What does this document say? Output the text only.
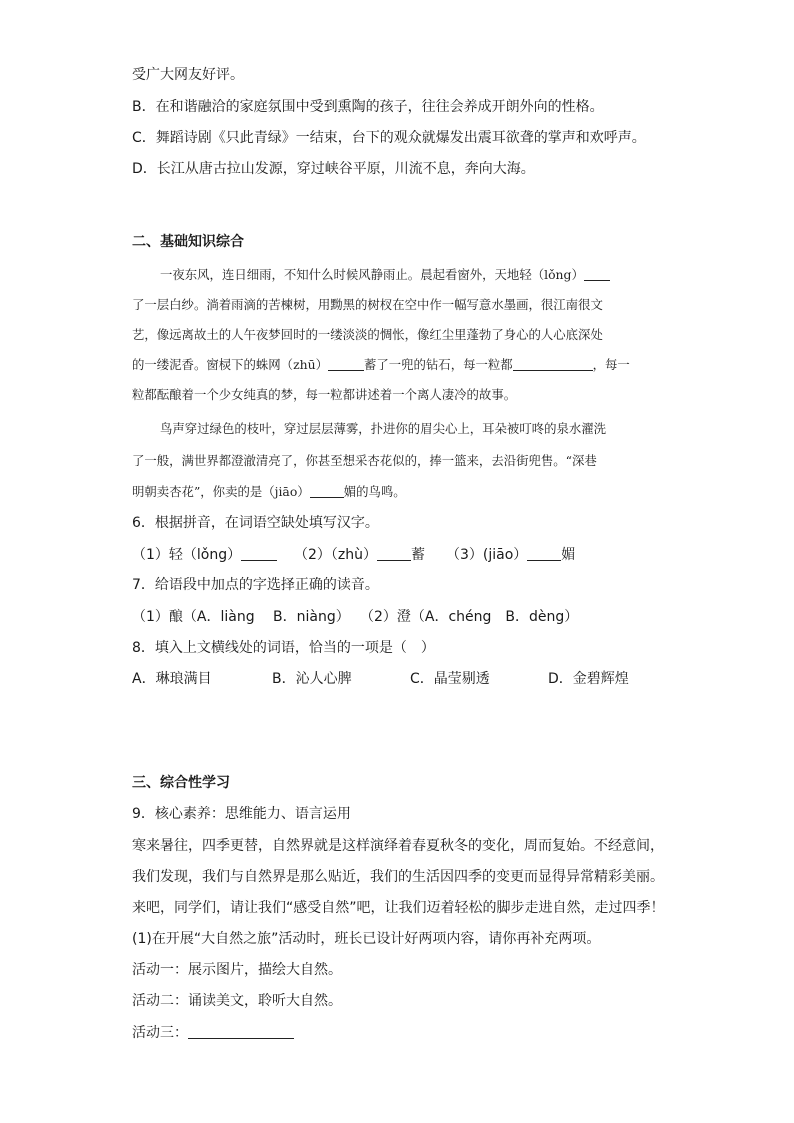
受广大网友好评。

B．在和谐融洽的家庭氛围中受到熏陶的孩子，往往会养成开朗外向的性格。

C．舞蹈诗剧《只此青绿》一结束，台下的观众就爆发出震耳欲聋的掌声和欢呼声。

D．长江从唐古拉山发源，穿过峡谷平原，川流不息，奔向大海。

二、基础知识综合

一夜东风，连日细雨，不知什么时候风静雨止。晨起看窗外，天地轻（lǒng）

了一层白纱。淌着雨滴的苦楝树，用黝黑的树杈在空中作一幅写意水墨画，很江南很文

艺，像远离故土的人午夜梦回时的一缕淡淡的惆怅，像红尘里蓬勃了身心的人心底深处

的一缕泥香。窗棂下的蛛网（zhū）	蓄了一兜的钻石，每一粒都	，每一

粒都酝酿着一个少女纯真的梦，每一粒都讲述着一个离人凄冷的故事。

鸟声穿过绿色的枝叶，穿过层层薄雾，扑进你的眉尖心上，耳朵被叮咚的泉水濯洗

了一般，满世界都澄澈清亮了，你甚至想采杏花似的，捧一篮来，去沿街兜售。“深巷

明朝卖杏花”，你卖的是（jiāo）	媚的鸟鸣。

6．根据拼音，在词语空缺处填写汉字。

（1）轻（lǒng）	（2）（zhù） 蓄 （3）(jiāo） 媚

7．给语段中加点的字选择正确的读音。

（1）酿（A．liàng　 B．niàng） （2）澄（A．chéng　B．dèng）

8．填入上文横线处的词语，恰当的一项是（　）

A．琳琅满目	B．沁人心脾	C．晶莹剔透	D．金碧辉煌

三、综合性学习

9．核心素养：思维能力、语言运用

寒来暑往，四季更替，自然界就是这样演绎着春夏秋冬的变化，周而复始。不经意间，

我们发现，我们与自然界是那么贴近，我们的生活因四季的变更而显得异常精彩美丽。

来吧，同学们，请让我们“感受自然”吧，让我们迈着轻松的脚步走进自然，走过四季！

(1)在开展“大自然之旅”活动时，班长已设计好两项内容，请你再补充两项。

活动一：展示图片，描绘大自然。

活动二：诵读美文，聆听大自然。

活动三：
